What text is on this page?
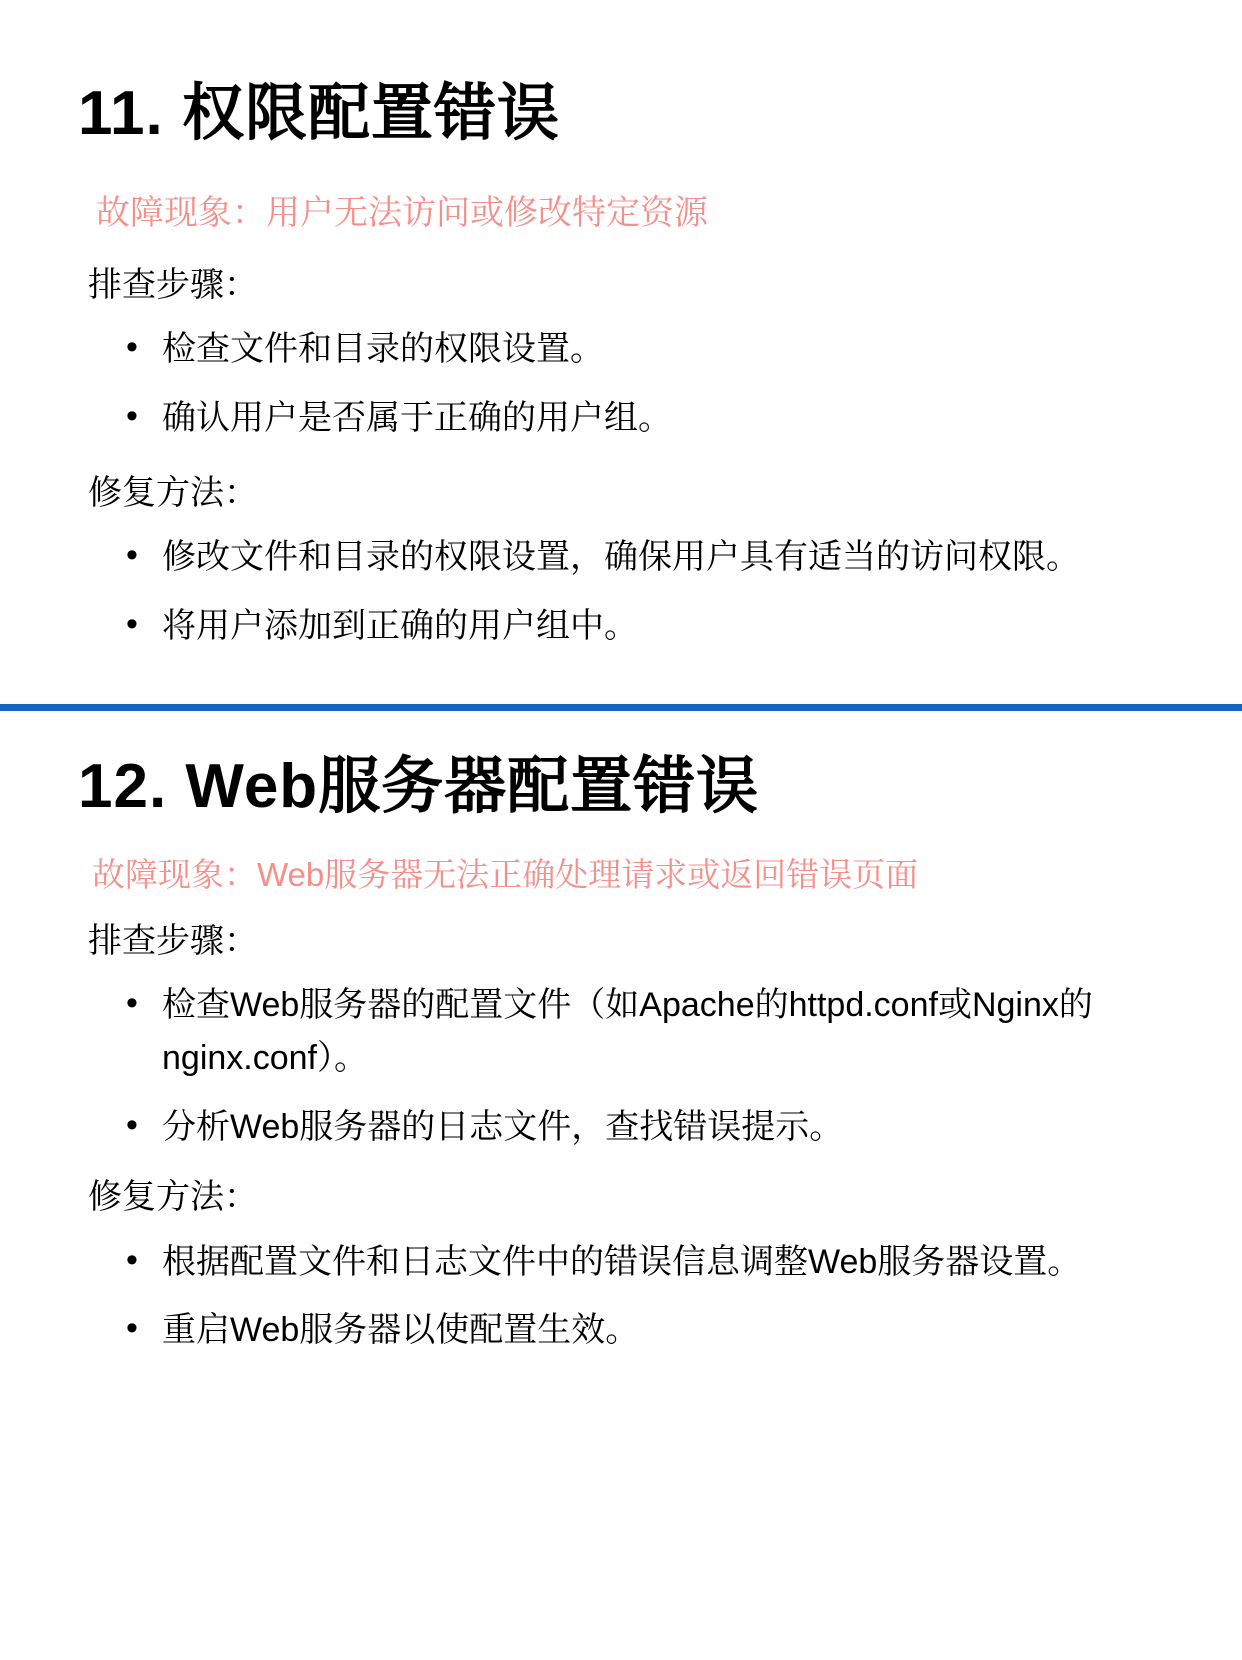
11. 权限配置错误
故障现象：用户无法访问或修改特定资源
排查步骤：
• 检查文件和目录的权限设置。
• 确认用户是否属于正确的用户组。
修复方法：
• 修改文件和目录的权限设置，确保用户具有适当的访问权限。
• 将用户添加到正确的用户组中。
12. Web服务器配置错误
故障现象：Web服务器无法正确处理请求或返回错误页面
排查步骤：
• 检查Web服务器的配置文件（如Apache的httpd.conf或Nginx的nginx.conf）。
• 分析Web服务器的日志文件，查找错误提示。
修复方法：
• 根据配置文件和日志文件中的错误信息调整Web服务器设置。
• 重启Web服务器以使配置生效。
